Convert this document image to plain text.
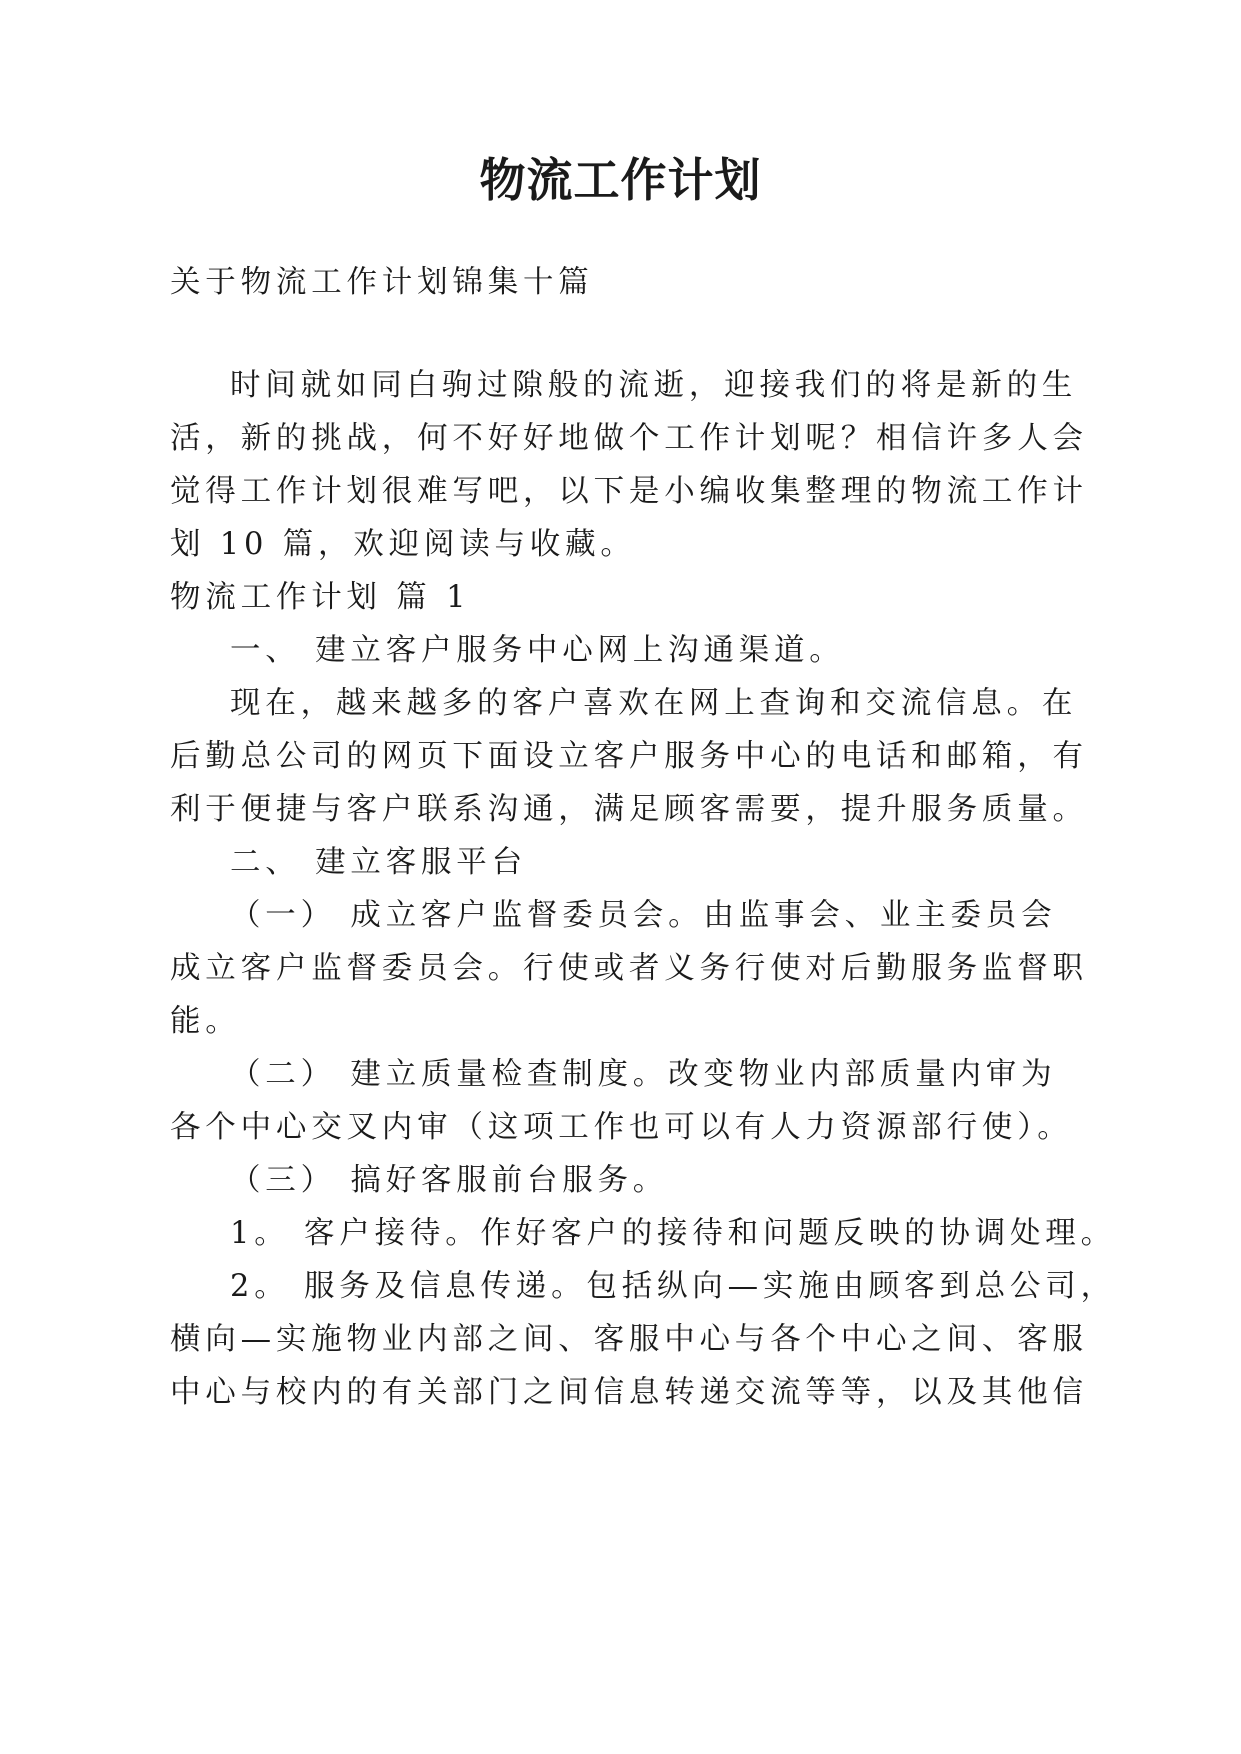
物流工作计划
关于物流工作计划锦集十篇
时间就如同白驹过隙般的流逝，迎接我们的将是新的生
活，新的挑战，何不好好地做个工作计划呢？相信许多人会
觉得工作计划很难写吧，以下是小编收集整理的物流工作计
划 10 篇，欢迎阅读与收藏。
物流工作计划 篇 1
一、 建立客户服务中心网上沟通渠道。
现在，越来越多的客户喜欢在网上查询和交流信息。在
后勤总公司的网页下面设立客户服务中心的电话和邮箱，有
利于便捷与客户联系沟通，满足顾客需要，提升服务质量。
二、 建立客服平台
（一） 成立客户监督委员会。由监事会、业主委员会
成立客户监督委员会。行使或者义务行使对后勤服务监督职
能。
（二） 建立质量检查制度。改变物业内部质量内审为
各个中心交叉内审（这项工作也可以有人力资源部行使）。
（三） 搞好客服前台服务。
1。 客户接待。作好客户的接待和问题反映的协调处理。
2。 服务及信息传递。包括纵向—实施由顾客到总公司，
横向—实施物业内部之间、客服中心与各个中心之间、客服
中心与校内的有关部门之间信息转递交流等等，以及其他信
